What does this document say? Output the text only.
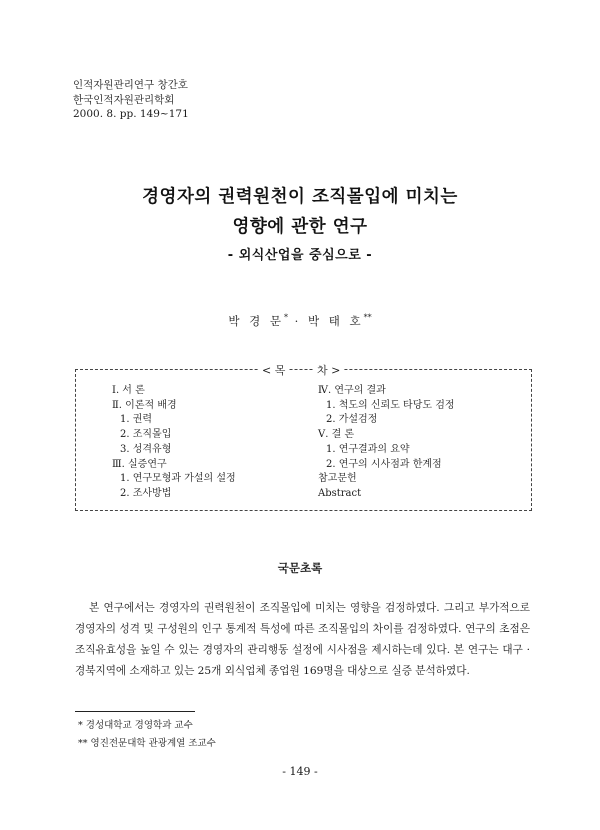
인적자원관리연구 창간호
한국인적자원관리학회
2000. 8. pp. 149~171
경영자의 권력원천이 조직몰입에 미치는
영향에 관한 연구
- 외식산업을 중심으로 -
박 경 문* · 박 태 호**
< 목	차 >
Ⅰ. 서 론
Ⅱ. 이론적 배경
1. 권력
2. 조직몰입
3. 성격유형
Ⅲ. 실증연구
1. 연구모형과 가설의 설정
2. 조사방법
Ⅳ. 연구의 결과
1. 척도의 신뢰도 타당도 검정
2. 가설검정
Ⅴ. 결 론
1. 연구결과의 요약
2. 연구의 시사점과 한계점
참고문헌
Abstract
국문초록
본 연구에서는 경영자의 권력원천이 조직몰입에 미치는 영향을 검정하였다. 그리고 부가적으로 경영자의 성격 및 구성원의 인구 통계적 특성에 따른 조직몰입의 차이를 검정하였다. 연구의 초점은 조직유효성을 높일 수 있는 경영자의 관리행동 설정에 시사점을 제시하는데 있다. 본 연구는 대구 · 경북지역에 소재하고 있는 25개 외식업체 종업원 169명을 대상으로 실증 분석하였다.
* 경성대학교 경영학과 교수
** 영진전문대학 관광계열 조교수
- 149 -
